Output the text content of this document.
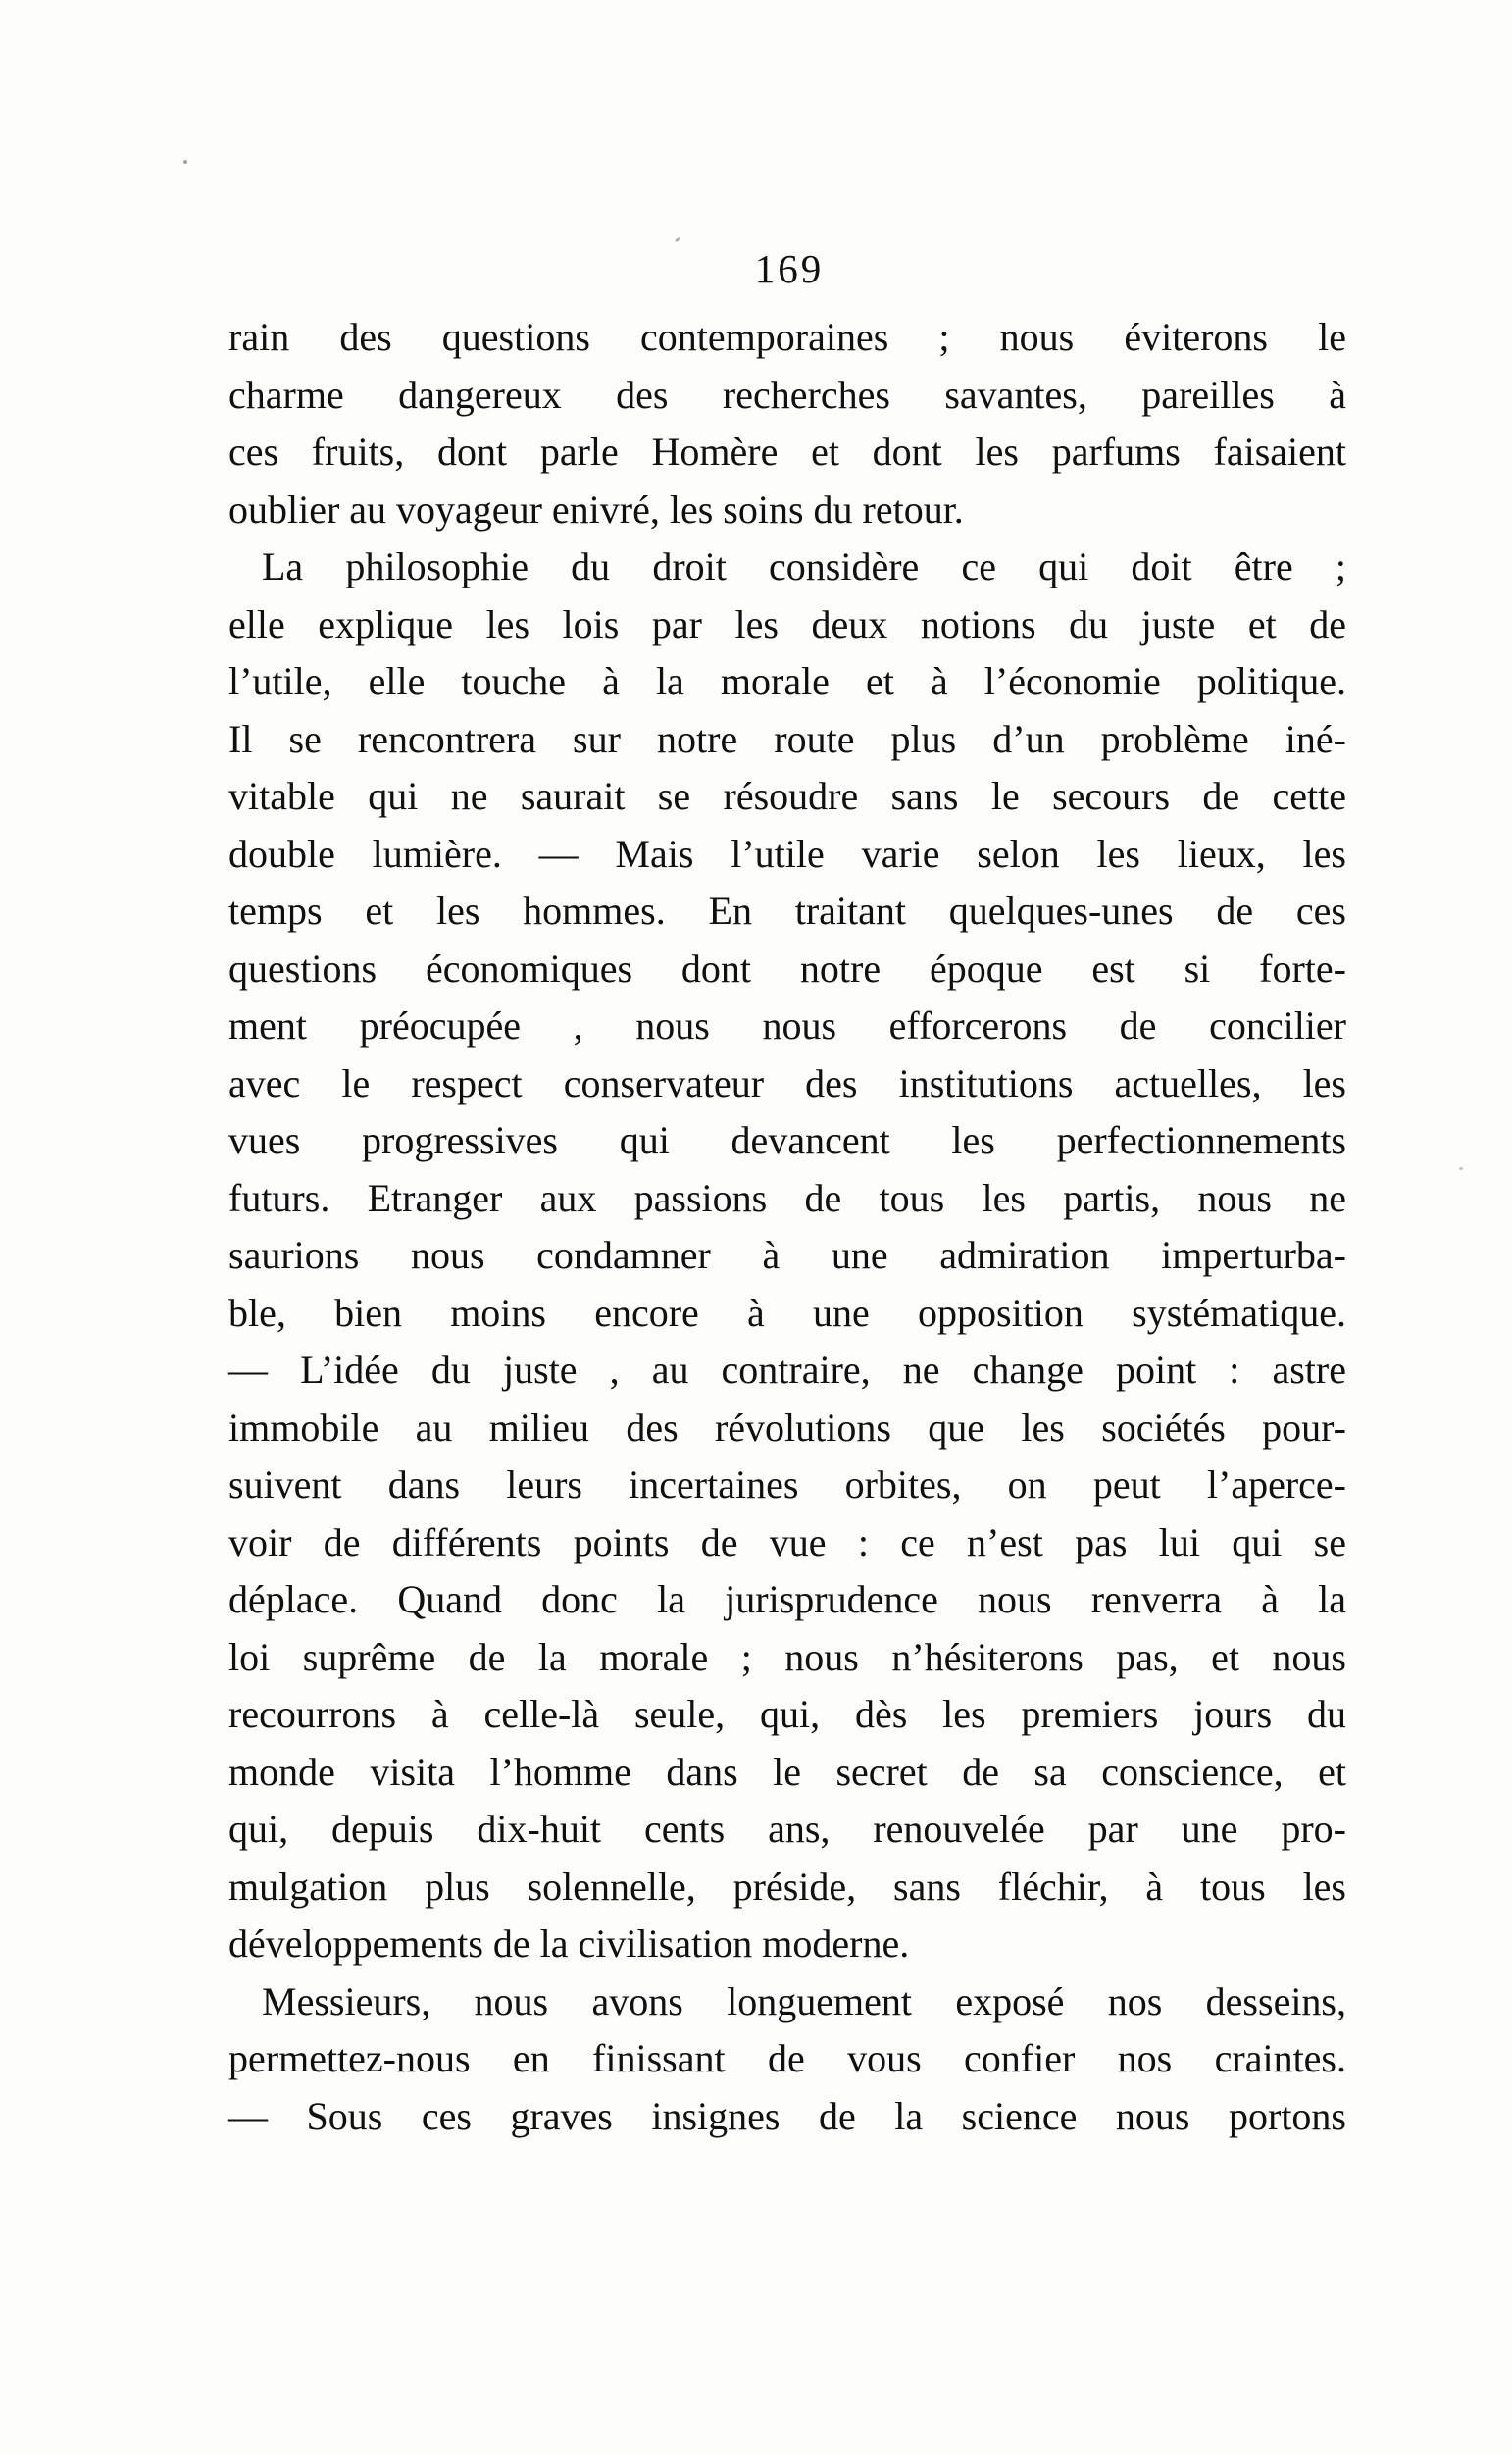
169
rain des questions contemporaines ; nous éviterons le
charme dangereux des recherches savantes, pareilles à
ces fruits, dont parle Homère et dont les parfums faisaient
oublier au voyageur enivré, les soins du retour.
La philosophie du droit considère ce qui doit être ;
elle explique les lois par les deux notions du juste et de
l’utile, elle touche à la morale et à l’économie politique.
Il se rencontrera sur notre route plus d’un problème iné-
vitable qui ne saurait se résoudre sans le secours de cette
double lumière. — Mais l’utile varie selon les lieux, les
temps et les hommes. En traitant quelques-unes de ces
questions économiques dont notre époque est si forte-
ment préocupée , nous nous efforcerons de concilier
avec le respect conservateur des institutions actuelles, les
vues progressives qui devancent les perfectionnements
futurs. Etranger aux passions de tous les partis, nous ne
saurions nous condamner à une admiration imperturba-
ble, bien moins encore à une opposition systématique.
— L’idée du juste , au contraire, ne change point : astre
immobile au milieu des révolutions que les sociétés pour-
suivent dans leurs incertaines orbites, on peut l’aperce-
voir de différents points de vue : ce n’est pas lui qui se
déplace. Quand donc la jurisprudence nous renverra à la
loi suprême de la morale ; nous n’hésiterons pas, et nous
recourrons à celle-là seule, qui, dès les premiers jours du
monde visita l’homme dans le secret de sa conscience, et
qui, depuis dix-huit cents ans, renouvelée par une pro-
mulgation plus solennelle, préside, sans fléchir, à tous les
développements de la civilisation moderne.
Messieurs, nous avons longuement exposé nos desseins,
permettez-nous en finissant de vous confier nos craintes.
— Sous ces graves insignes de la science nous portons
